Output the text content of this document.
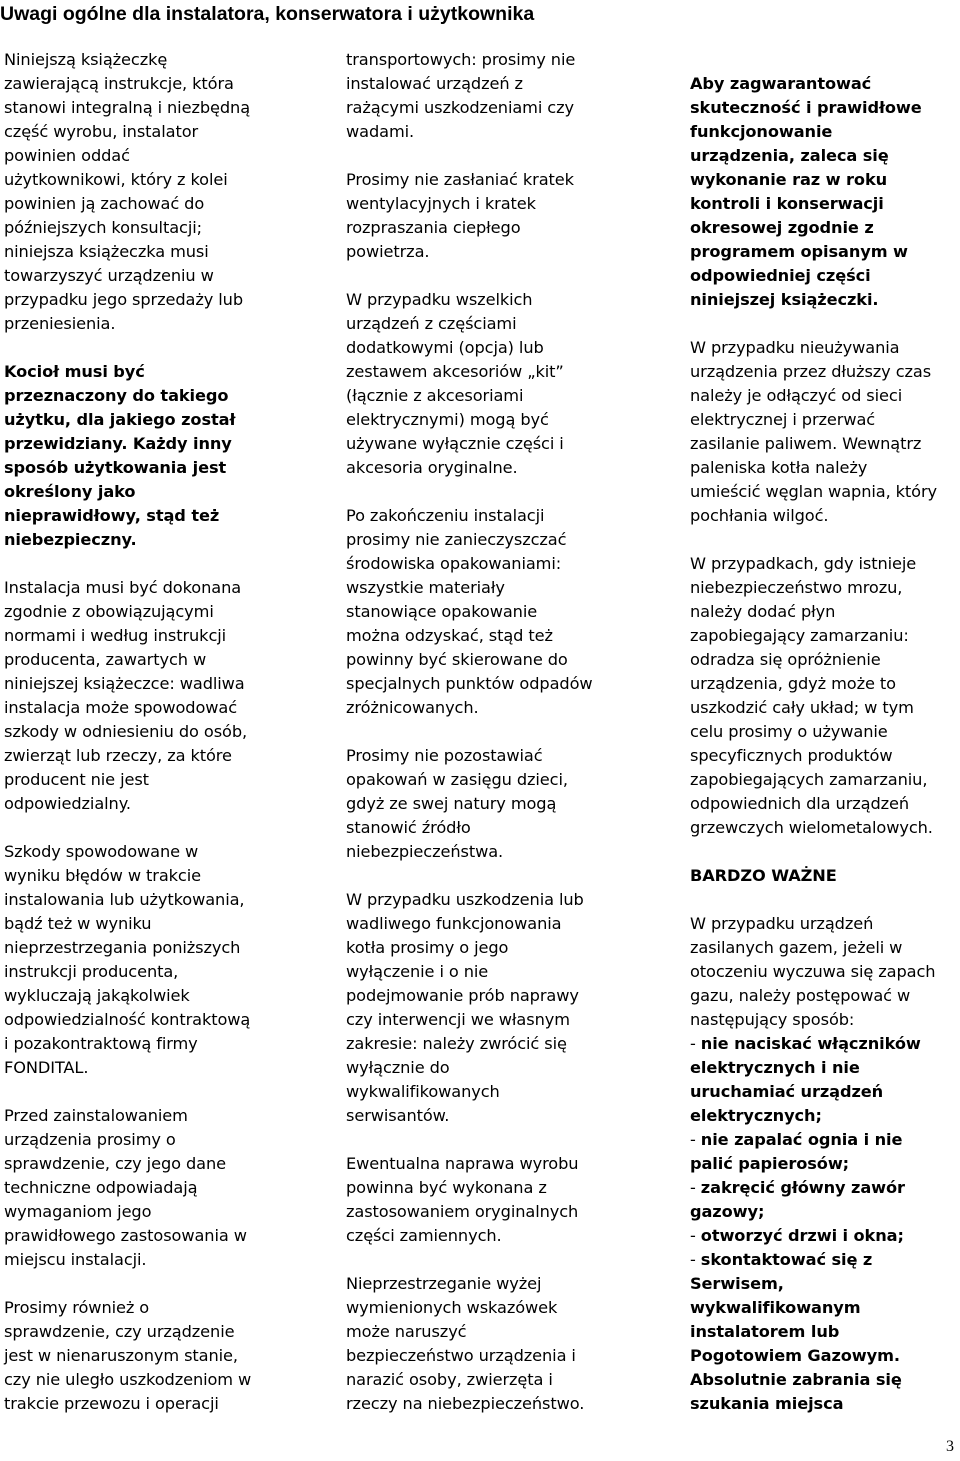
Uwagi ogólne dla instalatora, konserwatora i użytkownika

Niniejszą książeczkę
zawierającą instrukcje, która
stanowi integralną i niezbędną
część wyrobu, instalator
powinien oddać
użytkownikowi, który z kolei
powinien ją zachować do
późniejszych konsultacji;
niniejsza książeczka musi
towarzyszyć urządzeniu w
przypadku jego sprzedaży lub
przeniesienia.

Kocioł musi być
przeznaczony do takiego
użytku, dla jakiego został
przewidziany. Każdy inny
sposób użytkowania jest
określony jako
nieprawidłowy, stąd też
niebezpieczny.

Instalacja musi być dokonana
zgodnie z obowiązującymi
normami i według instrukcji
producenta, zawartych w
niniejszej książeczce: wadliwa
instalacja może spowodować
szkody w odniesieniu do osób,
zwierząt lub rzeczy, za które
producent nie jest
odpowiedzialny.

Szkody spowodowane w
wyniku błędów w trakcie
instalowania lub użytkowania,
bądź też w wyniku
nieprzestrzegania poniższych
instrukcji producenta,
wykluczają jakąkolwiek
odpowiedzialność kontraktową
i pozakontraktową firmy
FONDITAL.

Przed zainstalowaniem
urządzenia prosimy o
sprawdzenie, czy jego dane
techniczne odpowiadają
wymaganiom jego
prawidłowego zastosowania w
miejscu instalacji.

Prosimy również o
sprawdzenie, czy urządzenie
jest w nienaruszonym stanie,
czy nie uległo uszkodzeniom w
trakcie przewozu i operacji

transportowych: prosimy nie
instalować urządzeń z
rażącymi uszkodzeniami czy
wadami.

Prosimy nie zasłaniać kratek
wentylacyjnych i kratek
rozpraszania ciepłego
powietrza.

W przypadku wszelkich
urządzeń z częściami
dodatkowymi (opcja) lub
zestawem akcesoriów „kit”
(łącznie z akcesoriami
elektrycznymi) mogą być
używane wyłącznie części i
akcesoria oryginalne.

Po zakończeniu instalacji
prosimy nie zanieczyszczać
środowiska opakowaniami:
wszystkie materiały
stanowiące opakowanie
można odzyskać, stąd też
powinny być skierowane do
specjalnych punktów odpadów
zróżnicowanych.

Prosimy nie pozostawiać
opakowań w zasięgu dzieci,
gdyż ze swej natury mogą
stanowić źródło
niebezpieczeństwa.

W przypadku uszkodzenia lub
wadliwego funkcjonowania
kotła prosimy o jego
wyłączenie i o nie
podejmowanie prób naprawy
czy interwencji we własnym
zakresie: należy zwrócić się
wyłącznie do
wykwalifikowanych
serwisantów.

Ewentualna naprawa wyrobu
powinna być wykonana z
zastosowaniem oryginalnych
części zamiennych.

Nieprzestrzeganie wyżej
wymienionych wskazówek
może naruszyć
bezpieczeństwo urządzenia i
narazić osoby, zwierzęta i
rzeczy na niebezpieczeństwo.

Aby zagwarantować
skuteczność i prawidłowe
funkcjonowanie
urządzenia, zaleca się
wykonanie raz w roku
kontroli i konserwacji
okresowej zgodnie z
programem opisanym w
odpowiedniej części
niniejszej książeczki.

W przypadku nieużywania
urządzenia przez dłuższy czas
należy je odłączyć od sieci
elektrycznej i przerwać
zasilanie paliwem. Wewnątrz
paleniska kotła należy
umieścić węglan wapnia, który
pochłania wilgoć.

W przypadkach, gdy istnieje
niebezpieczeństwo mrozu,
należy dodać płyn
zapobiegający zamarzaniu:
odradza się opróżnienie
urządzenia, gdyż może to
uszkodzić cały układ; w tym
celu prosimy o używanie
specyficznych produktów
zapobiegających zamarzaniu,
odpowiednich dla urządzeń
grzewczych wielometalowych.

BARDZO WAŻNE

W przypadku urządzeń
zasilanych gazem, jeżeli w
otoczeniu wyczuwa się zapach
gazu, należy postępować w
następujący sposób:
- nie naciskać włączników
elektrycznych i nie
uruchamiać urządzeń
elektrycznych;
- nie zapalać ognia i nie
palić papierosów;
- zakręcić główny zawór
gazowy;
- otworzyć drzwi i okna;
- skontaktować się z
Serwisem,
wykwalifikowanym
instalatorem lub
Pogotowiem Gazowym.
Absolutnie zabrania się
szukania miejsca

3
